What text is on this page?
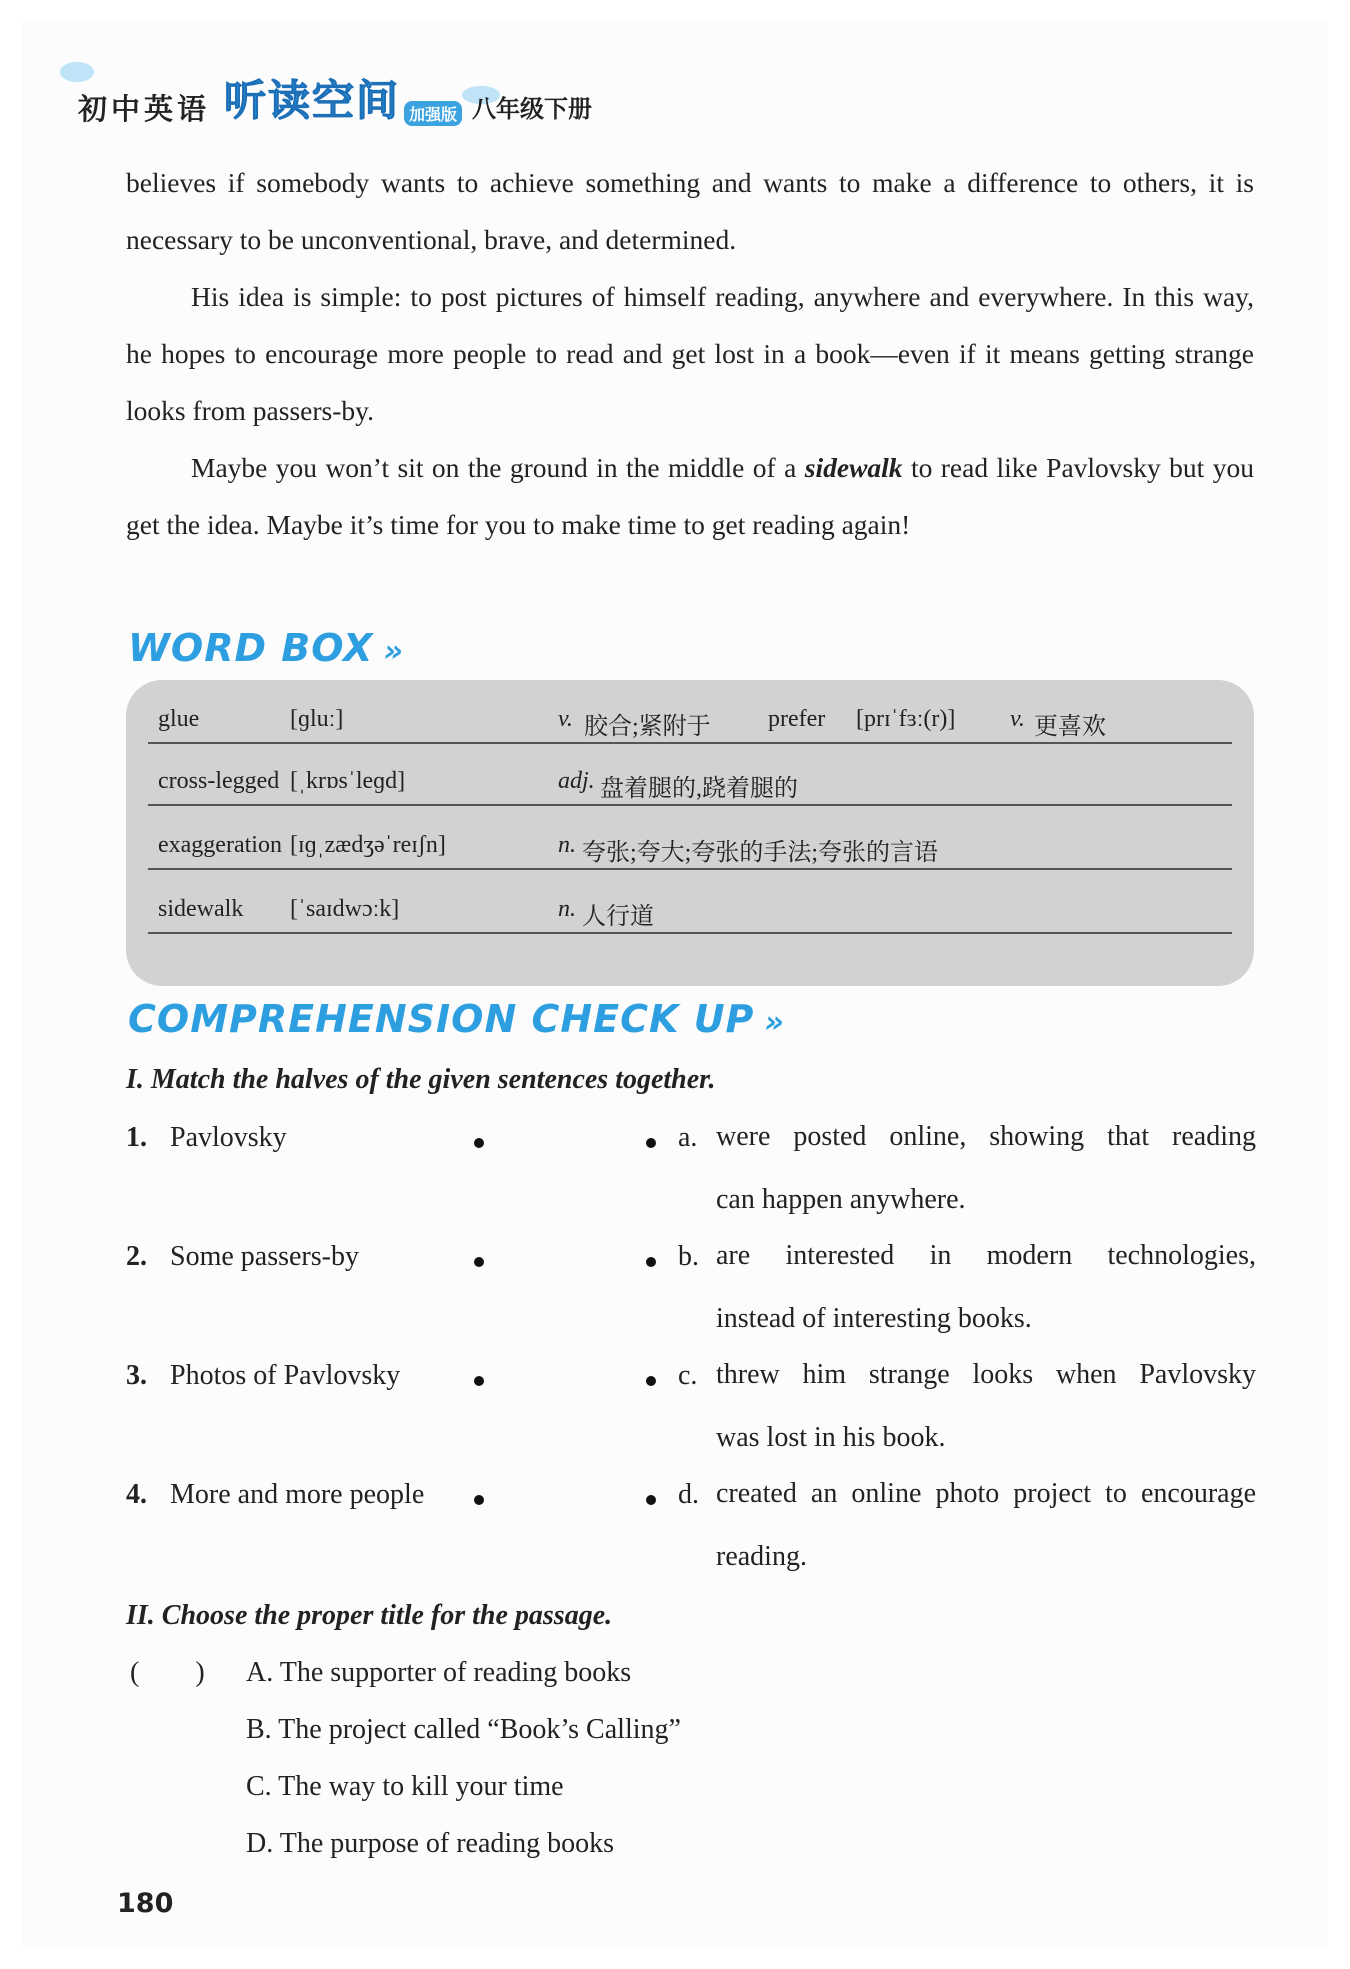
初中英语 听读空间 加强版 八年级下册

believes if somebody wants to achieve something and wants to make a difference to others, it is necessary to be unconventional, brave, and determined.

His idea is simple: to post pictures of himself reading, anywhere and everywhere. In this way, he hopes to encourage more people to read and get lost in a book—even if it means getting strange looks from passers-by.

Maybe you won’t sit on the ground in the middle of a sidewalk to read like Pavlovsky but you get the idea. Maybe it’s time for you to make time to get reading again!

WORD BOX »
glue	[ɡluː]	v. 胶合;紧附于 prefer [prɪˈfɜː(r)] v. 更喜欢
cross-legged [ˌkrɒsˈleɡd]	adj. 盘着腿的,跷着腿的
exaggeration [ɪɡˌzædʒəˈreɪʃn]	n. 夸张;夸大;夸张的手法;夸张的言语
sidewalk [ˈsaɪdwɔːk]	n. 人行道
COMPREHENSION CHECK UP »
I. Match the halves of the given sentences together.
1. Pavlovsky	a. were posted online, showing that reading
can happen anywhere.
2. Some passers-by	b. are interested in modern technologies,
instead of interesting books.
3. Photos of Pavlovsky	c. threw him strange looks when Pavlovsky
was lost in his book.
4. More and more people	d. created an online photo project to encourage
reading.
II. Choose the proper title for the passage.
(        ) A. The supporter of reading books
B. The project called “Book’s Calling”
C. The way to kill your time
D. The purpose of reading books
180
